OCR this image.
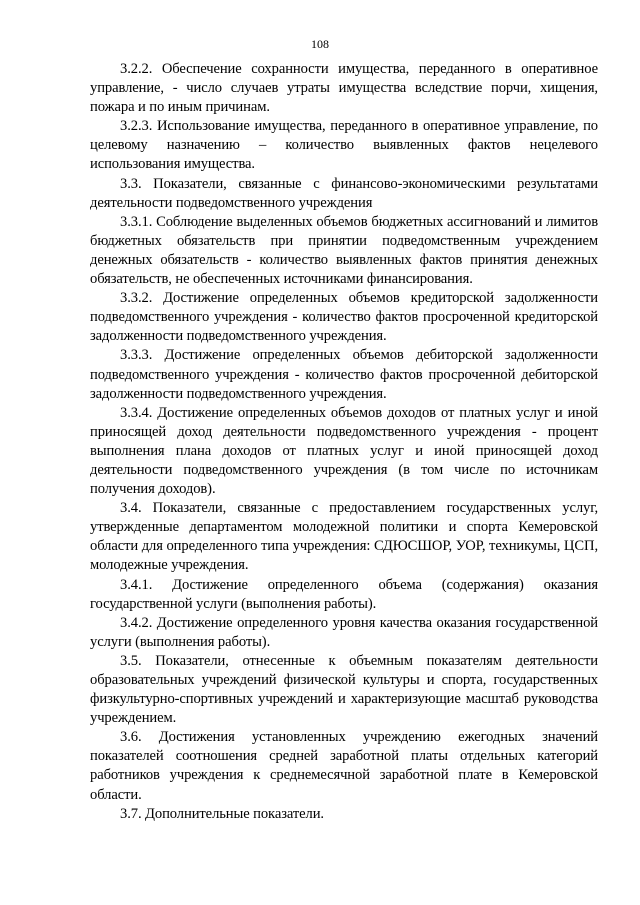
108

3.2.2. Обеспечение сохранности имущества, переданного в оперативное управление, - число случаев утраты имущества вследствие порчи, хищения, пожара и по иным причинам.

3.2.3. Использование имущества, переданного в оперативное управление, по целевому назначению – количество выявленных фактов нецелевого использования имущества.

3.3. Показатели, связанные с финансово-экономическими результатами деятельности подведомственного учреждения

3.3.1. Соблюдение выделенных объемов бюджетных ассигнований и лимитов бюджетных обязательств при принятии подведомственным учреждением денежных обязательств - количество выявленных фактов принятия денежных обязательств, не обеспеченных источниками финансирования.

3.3.2. Достижение определенных объемов кредиторской задолженности подведомственного учреждения - количество фактов просроченной кредиторской задолженности подведомственного учреждения.

3.3.3. Достижение определенных объемов дебиторской задолженности подведомственного учреждения - количество фактов просроченной дебиторской задолженности подведомственного учреждения.

3.3.4. Достижение определенных объемов доходов от платных услуг и иной приносящей доход деятельности подведомственного учреждения - процент выполнения плана доходов от платных услуг и иной приносящей доход деятельности подведомственного учреждения (в том числе по источникам получения доходов).

3.4. Показатели, связанные с предоставлением государственных услуг, утвержденные департаментом молодежной политики и спорта Кемеровской области для определенного типа учреждения: СДЮСШОР, УОР, техникумы, ЦСП, молодежные учреждения.

3.4.1. Достижение определенного объема (содержания) оказания государственной услуги (выполнения работы).

3.4.2. Достижение определенного уровня качества оказания государственной услуги (выполнения работы).

3.5. Показатели, отнесенные к объемным показателям деятельности образовательных учреждений физической культуры и спорта, государственных физкультурно-спортивных учреждений и характеризующие масштаб руководства учреждением.

3.6. Достижения установленных учреждению ежегодных значений показателей соотношения средней заработной платы отдельных категорий работников учреждения к среднемесячной заработной плате в Кемеровской области.

3.7. Дополнительные показатели.
